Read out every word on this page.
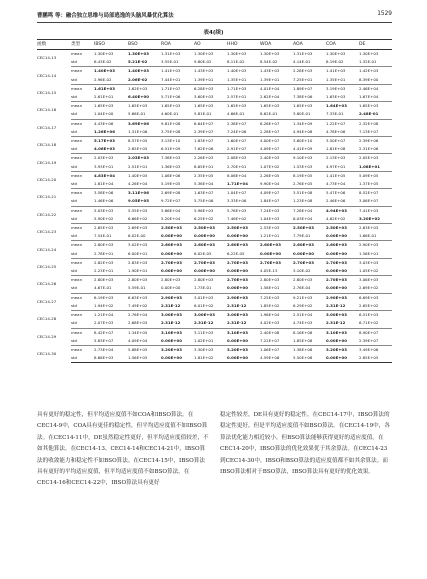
曹鹏鸣 等：融合独立思维与局部逃逸的头脑风暴优化算法	1529
表4(续)
函数	类型	IBSO	BSO	ROA	AO	HHO	WOA	AOA	COA	DE
CEC14-13	mean	1.30E+03	1.30E+03	1.31E+03	1.30E+03	1.30E+03	1.30E+03	1.31E+03	1.30E+03	1.30E+03
	std	6.43E-02	5.21E-02	3.55E-01	9.80E-02	8.11E-02	8.54E-02	4.14E-01	8.19E-02	1.32E-01
CEC14-14	mean	1.40E+03	1.40E+03	1.41E+03	1.43E+03	1.40E+03	1.43E+03	2.28E+03	1.41E+03	1.42E+03
	std	2.96E-02	2.06E-02	7.44E+01	1.39E+01	1.35E+01	1.39E+01	7.25E+01	1.35E+01	8.39E+00
CEC14-15	mean	1.61E+03	1.62E+03	1.71E+07	6.28E+03	1.71E+03	4.01E+04	1.89E+07	3.19E+03	2.46E+04
	std	2.61E+01	6.40E+00	5.71E+06	3.60E+03	2.57E+01	2.62E+04	7.38E+06	1.63E+03	1.67E+04
CEC14-16	mean	1.65E+03	1.65E+03	1.65E+03	1.65E+03	1.65E+03	1.65E+03	1.65E+03	1.64E+03	1.65E+03
	std	1.04E+00	5.66E-01	4.60E-01	5.81E-01	4.66E-01	8.62E-01	3.80E-01	7.33E-01	2.48E-01
CEC14-17	mean	4.43E+06	3.69E+06	9.81E+08	6.64E+07	2.38E+07	6.26E+07	1.34E+09	1.22E+07	2.32E+08
	std	1.26E+06	1.31E+06	3.75E+08	2.39E+07	7.24E+06	2.28E+07	4.94E+08	4.78E+06	7.13E+07
CEC14-18	mean	5.17E+03	8.57E+05	3.13E+10	1.83E+07	1.60E+07	4.00E+07	3.60E+10	3.50E+07	2.39E+06
	std	4.06E+03	2.65E+05	6.51E+09	7.62E+06	2.91E+07	4.09E+07	4.41E+09	1.81E+08	2.31E+06
CEC14-19	mean	2.03E+03	2.03E+03	7.36E+03	2.26E+03	2.08E+03	2.40E+03	9.10E+03	2.13E+03	2.05E+03
	std	3.93E+01	2.51E+01	1.36E+03	8.65E+01	2.70E+01	1.07E+02	1.53E+03	4.97E+01	1.08E+01
CEC14-20	mean	4.83E+04	1.40E+05	1.06E+06	2.35E+05	8.06E+04	2.26E+05	8.19E+05	1.41E+05	5.09E+05
	std	1.81E+04	4.26E+04	5.19E+05	5.36E+04	1.71E+04	9.90E+04	2.76E+05	4.73E+04	1.37E+05
CEC14-21	mean	3.58E+06	3.11E+06	2.69E+08	1.63E+07	1.04E+07	4.09E+07	3.51E+08	5.47E+06	8.52E+07
	std	1.46E+06	9.05E+05	9.72E+07	5.75E+06	3.33E+06	1.84E+07	1.23E+08	2.46E+06	3.06E+07
CEC14-22	mean	5.03E+03	5.55E+03	5.86E+04	5.96E+03	5.76E+03	7.24E+03	7.28E+04	4.94E+03	7.41E+03
	std	5.90E+02	6.66E+02	5.20E+04	6.25E+02	7.46E+02	1.04E+03	6.03E+04	4.62E+02	3.20E+02
CEC14-23	mean	2.65E+03	2.69E+03	2.50E+03	2.50E+03	2.50E+03	2.53E+03	2.50E+03	2.50E+03	2.63E+03
	std	7.54E-01	6.02E-00	0.00E+00	0.00E+00	0.00E+00	1.21E+01	7.79E-01	0.00E+00	1.66E-01
CEC14-24	mean	2.80E+03	3.02E+03	2.60E+03	2.60E+03	2.60E+03	2.60E+03	2.60E+03	2.60E+03	2.90E+03
	std	2.78E+01	6.00E+01	0.00E+00	6.02E-05	6.22E-05	0.00E+00	0.00E+00	0.00E+00	1.56E+01
CEC14-25	mean	2.82E+03	2.83E+03	2.70E+03	2.70E+03	2.70E+03	2.70E+03	2.70E+03	2.70E+03	3.03E+03
	std	2.23E+01	1.90E+01	0.00E+00	0.00E+00	0.00E+00	4.05E-13	3.10E-02	0.00E+00	1.05E+02
CEC14-26	mean	2.80E+03	2.80E+03	2.80E+03	2.80E+03	2.70E+03	2.80E+03	2.80E+03	2.70E+03	3.06E+03
	std	4.67E-01	5.59E-01	0.00E+00	1.73E-01	0.00E+00	1.58E+01	2.76E-04	0.00E+00	2.69E+02
CEC14-27	mean	6.19E+03	6.63E+03	2.90E+03	3.01E+03	2.90E+03	7.25E+03	9.21E+03	2.90E+03	6.69E+03
	std	1.94E+02	7.49E+02	2.31E-12	6.01E+02	2.31E-12	1.85E+02	6.29E+02	2.31E-12	2.65E+02
CEC14-28	mean	1.21E+04	2.76E+04	3.00E+03	3.00E+03	3.00E+03	1.96E+04	2.51E+04	3.00E+03	6.51E+03
	std	2.07E+03	2.68E+03	2.31E-12	2.31E-12	2.31E-12	4.02E+03	4.74E+03	2.31E-12	6.71E+02
CEC14-29	mean	8.42E+07	1.34E+05	3.10E+03	3.11E+03	3.10E+03	2.40E+08	8.16E+08	3.10E+03	8.90E+07
	std	5.83E+07	4.09E+04	0.00E+00	1.02E+01	0.00E+00	7.22E+07	1.85E+08	0.00E+00	2.39E+07
CEC14-30	mean	2.73E+04	5.88E+05	3.20E+03	3.30E+03	3.20E+03	1.06E+07	1.38E+08	3.20E+03	3.49E+06
	std	8.68E+03	1.56E+05	0.00E+00	1.81E+02	0.00E+00	4.59E+06	5.50E+08	0.00E+00	2.85E+05

具有更好的稳定性，但平均适应度值不如COA和IBSO算法。在CEC14-9中，COA具有更佳的稳定性，但平均适应度值不如IBSO算法。在CEC14-11中，DE虽然稳定性更好，但平均适应度值较差，不如其他算法。在CEC14-13、CEC14-14和CEC14-21中，IBSO算法的收敛能力和稳定性不如BSO算法。在CEC14-15中，IBSO算法具有更好的平均适应度值，但平均适应度值不如BSO算法。在CEC14-16和CEC14-22中，IBSO算法具有更好

稳定性较差，DE具有更好的稳定性。在CEC14-17中，IBSO算法的稳定性更好，但是平均适应度值不如BSO算法。在CEC14-19中，各算法优化能力相近较小，但BSO算法能够获得更好的适应度值。在CEC14-20中，IBSO算法的优化效果优于其余算法。在CEC14-23到CEC14-30中，IBSO和BSO算法的适应度值都不如其余算法。而IBSO算法相对于BSO算法，IBSO算法具有更好的优化效果。
